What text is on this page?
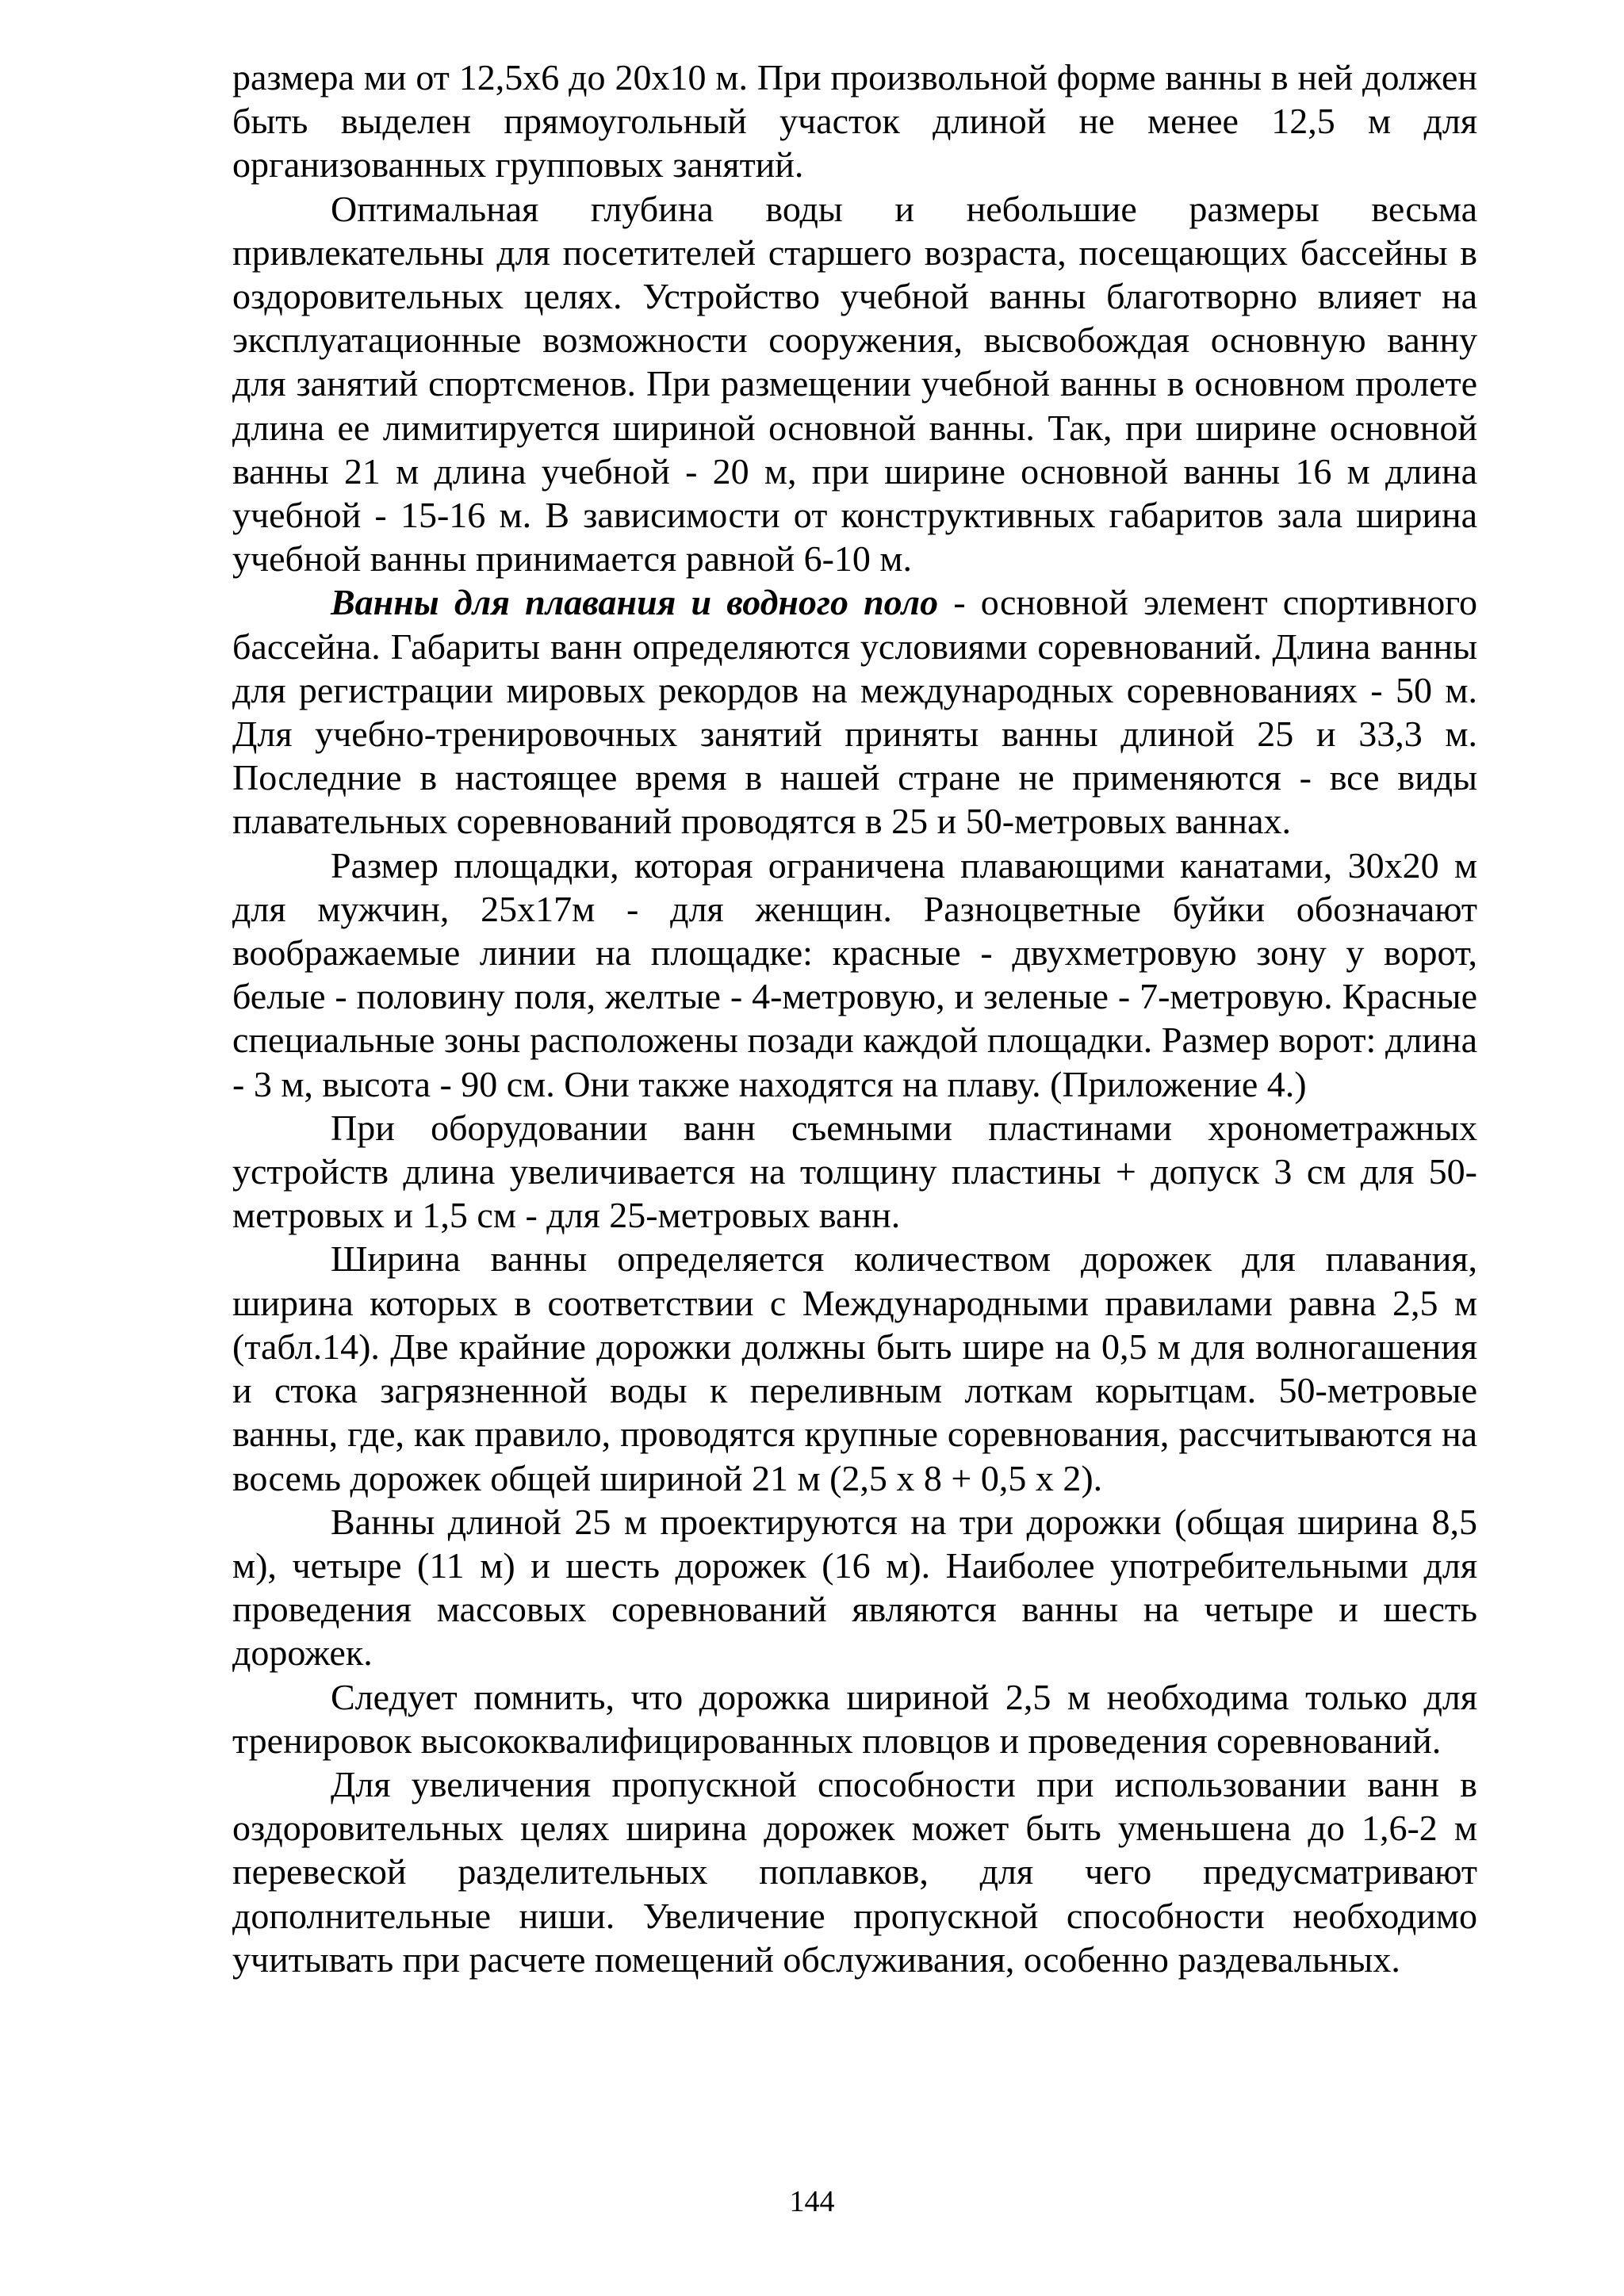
размера ми от 12,5х6 до 20х10 м. При произвольной форме ванны в ней должен быть выделен прямоугольный участок длиной не менее 12,5 м для организованных групповых занятий.

Оптимальная глубина воды и небольшие размеры весьма привлекательны для посетителей старшего возраста, посещающих бассейны в оздоровительных целях. Устройство учебной ванны благотворно влияет на эксплуатационные возможности сооружения, высвобождая основную ванну для занятий спортсменов. При размещении учебной ванны в основном пролете длина ее лимитируется шириной основной ванны. Так, при ширине основной ванны 21 м длина учебной - 20 м, при ширине основной ванны 16 м длина учебной - 15-16 м. В зависимости от конструктивных габаритов зала ширина учебной ванны принимается равной 6-10 м.

Ванны для плавания и водного поло - основной элемент спортивного бассейна. Габариты ванн определяются условиями соревнований. Длина ванны для регистрации мировых рекордов на международных соревнованиях - 50 м. Для учебно-тренировочных занятий приняты ванны длиной 25 и 33,3 м. Последние в настоящее время в нашей стране не применяются - все виды плавательных соревнований проводятся в 25 и 50-метровых ваннах.

Размер площадки, которая ограничена плавающими канатами, 30х20 м для мужчин, 25х17м - для женщин. Разноцветные буйки обозначают воображаемые линии на площадке: красные - двухметровую зону у ворот, белые - половину поля, желтые - 4-метровую, и зеленые - 7-метровую. Красные специальные зоны расположены позади каждой площадки. Размер ворот: длина - 3 м, высота - 90 см. Они также находятся на плаву. (Приложение 4.)

При оборудовании ванн съемными пластинами хронометражных устройств длина увеличивается на толщину пластины + допуск 3 см для 50-метровых и 1,5 см - для 25-метровых ванн.

Ширина ванны определяется количеством дорожек для плавания, ширина которых в соответствии с Международными правилами равна 2,5 м (табл.14). Две крайние дорожки должны быть шире на 0,5 м для волногашения и стока загрязненной воды к переливным лоткам корытцам. 50-метровые ванны, где, как правило, проводятся крупные соревнования, рассчитываются на восемь дорожек общей шириной 21 м (2,5 х 8 + 0,5 х 2).

Ванны длиной 25 м проектируются на три дорожки (общая ширина 8,5 м), четыре (11 м) и шесть дорожек (16 м). Наиболее употребительными для проведения массовых соревнований являются ванны на четыре и шесть дорожек.

Следует помнить, что дорожка шириной 2,5 м необходима только для тренировок высококвалифицированных пловцов и проведения соревнований.

Для увеличения пропускной способности при использовании ванн в оздоровительных целях ширина дорожек может быть уменьшена до 1,6-2 м перевеской разделительных поплавков, для чего предусматривают дополнительные ниши. Увеличение пропускной способности необходимо учитывать при расчете помещений обслуживания, особенно раздевальных.

144
